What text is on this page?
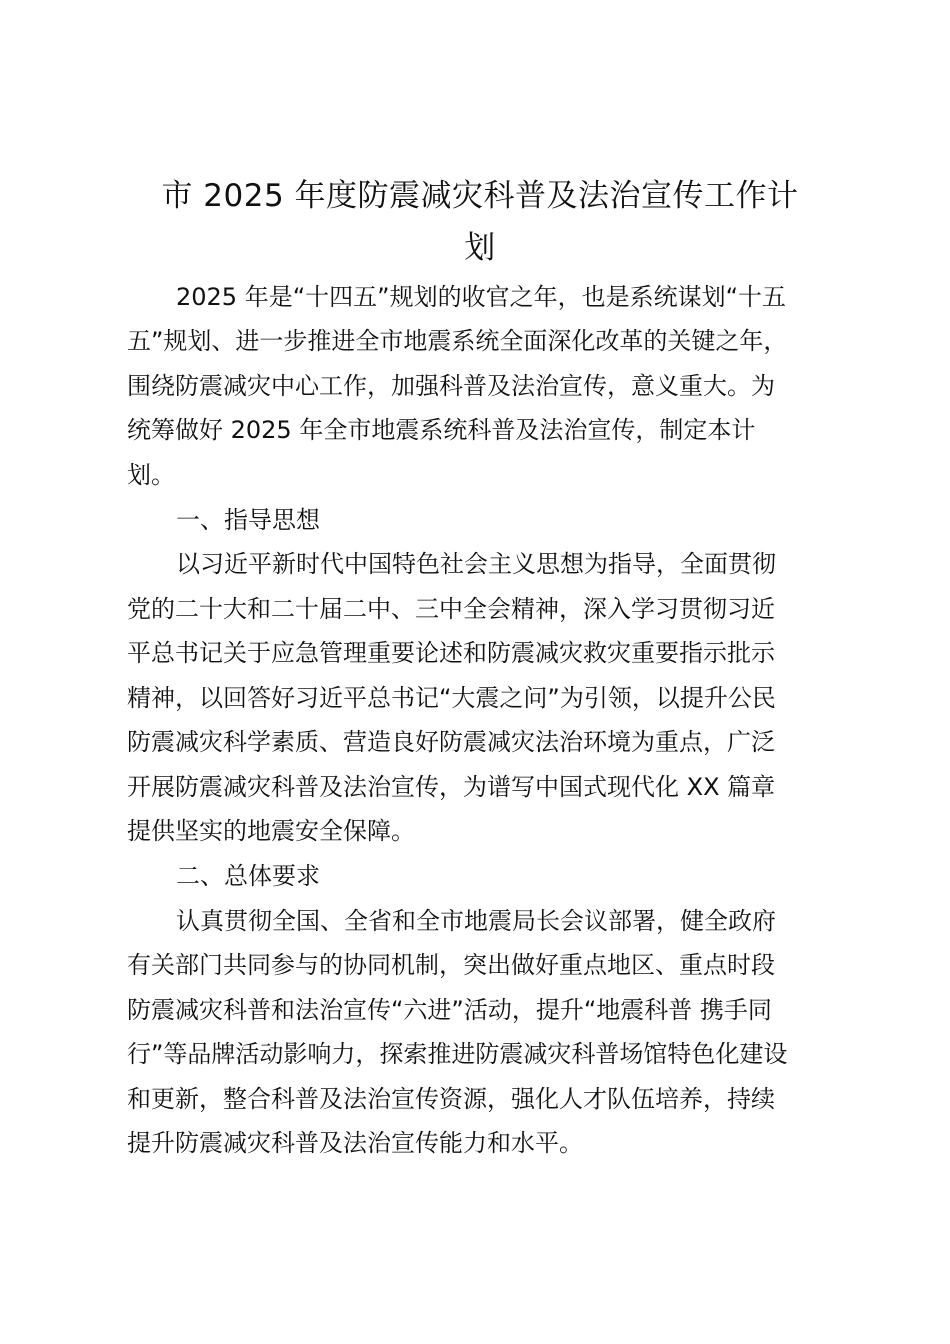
市 2025 年度防震减灾科普及法治宣传工作计
划

2025 年是“十四五”规划的收官之年，也是系统谋划“十五

五”规划、进一步推进全市地震系统全面深化改革的关键之年，

围绕防震减灾中心工作，加强科普及法治宣传，意义重大。为

统筹做好 2025 年全市地震系统科普及法治宣传，制定本计

划。

一、指导思想

以习近平新时代中国特色社会主义思想为指导，全面贯彻

党的二十大和二十届二中、三中全会精神，深入学习贯彻习近

平总书记关于应急管理重要论述和防震减灾救灾重要指示批示

精神，以回答好习近平总书记“大震之问”为引领，以提升公民

防震减灾科学素质、营造良好防震减灾法治环境为重点，广泛

开展防震减灾科普及法治宣传，为谱写中国式现代化 XX 篇章

提供坚实的地震安全保障。

二、总体要求

认真贯彻全国、全省和全市地震局长会议部署，健全政府

有关部门共同参与的协同机制，突出做好重点地区、重点时段

防震减灾科普和法治宣传“六进”活动，提升“地震科普 携手同

行”等品牌活动影响力，探索推进防震减灾科普场馆特色化建设

和更新，整合科普及法治宣传资源，强化人才队伍培养，持续

提升防震减灾科普及法治宣传能力和水平。
